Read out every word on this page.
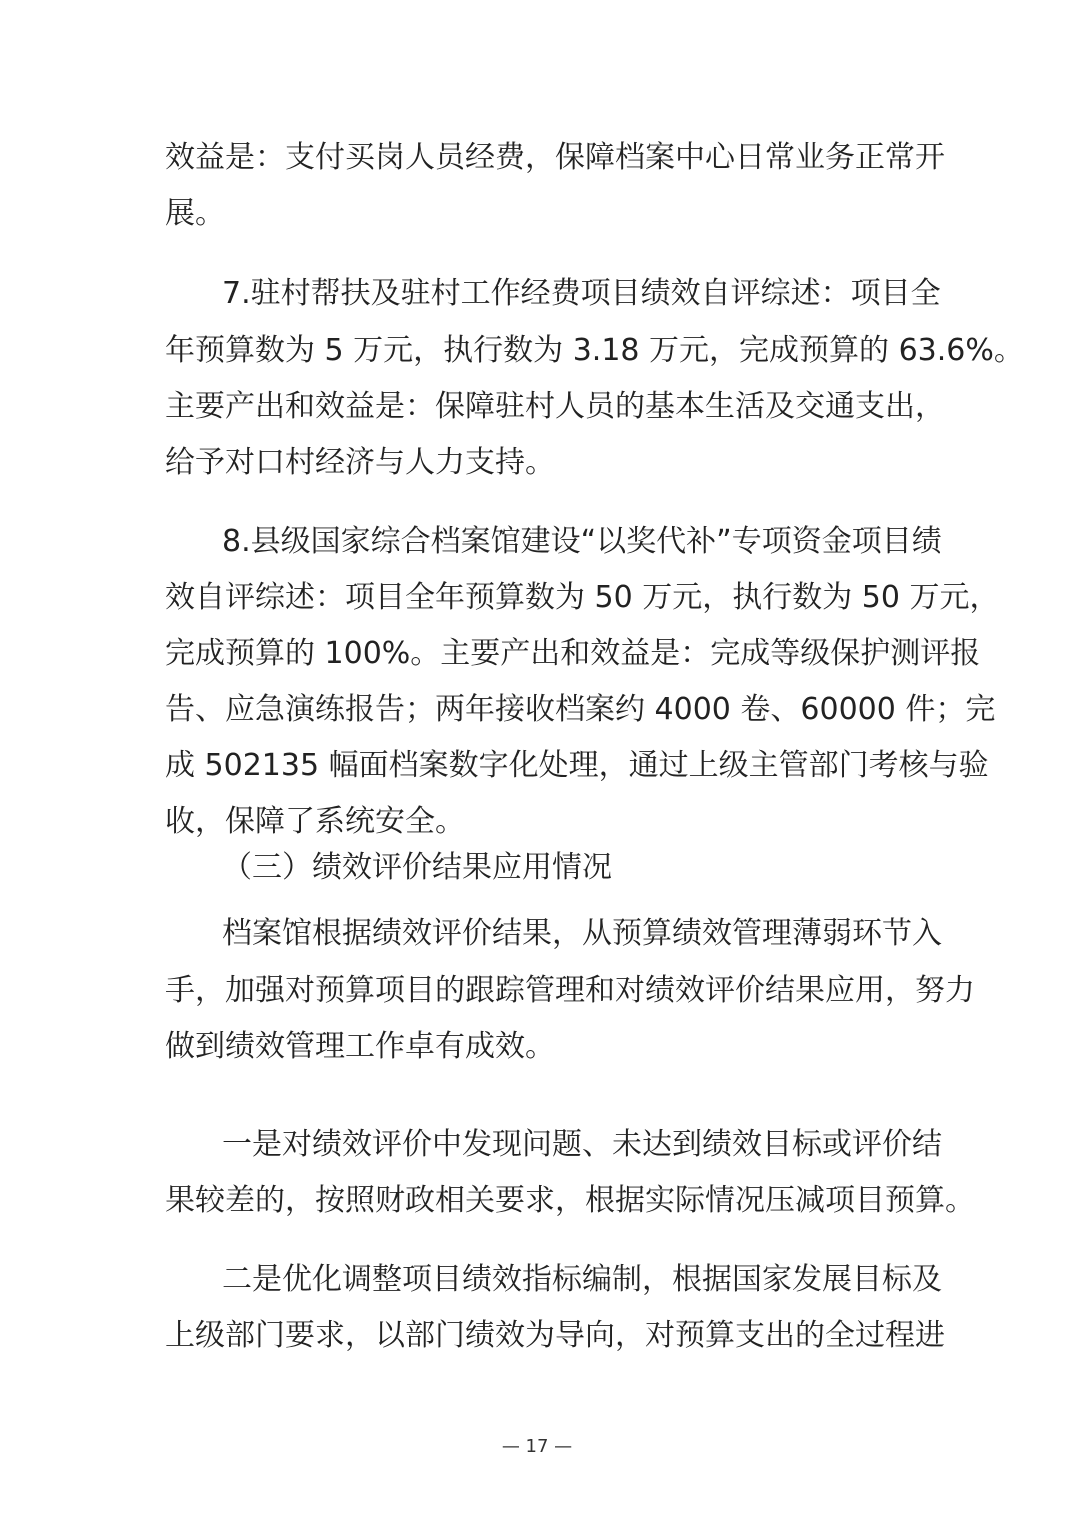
效益是：支付买岗人员经费，保障档案中心日常业务正常开
展。
7.驻村帮扶及驻村工作经费项目绩效自评综述：项目全
年预算数为 5 万元，执行数为 3.18 万元，完成预算的 63.6%。
主要产出和效益是：保障驻村人员的基本生活及交通支出，
给予对口村经济与人力支持。
8.县级国家综合档案馆建设“以奖代补”专项资金项目绩
效自评综述：项目全年预算数为 50 万元，执行数为 50 万元，
完成预算的 100%。主要产出和效益是：完成等级保护测评报
告、应急演练报告；两年接收档案约 4000 卷、60000 件；完
成 502135 幅面档案数字化处理，通过上级主管部门考核与验
收，保障了系统安全。
（三）绩效评价结果应用情况
档案馆根据绩效评价结果，从预算绩效管理薄弱环节入
手，加强对预算项目的跟踪管理和对绩效评价结果应用，努力
做到绩效管理工作卓有成效。
一是对绩效评价中发现问题、未达到绩效目标或评价结
果较差的，按照财政相关要求，根据实际情况压减项目预算。
二是优化调整项目绩效指标编制，根据国家发展目标及
上级部门要求，以部门绩效为导向，对预算支出的全过程进
— 17 —
